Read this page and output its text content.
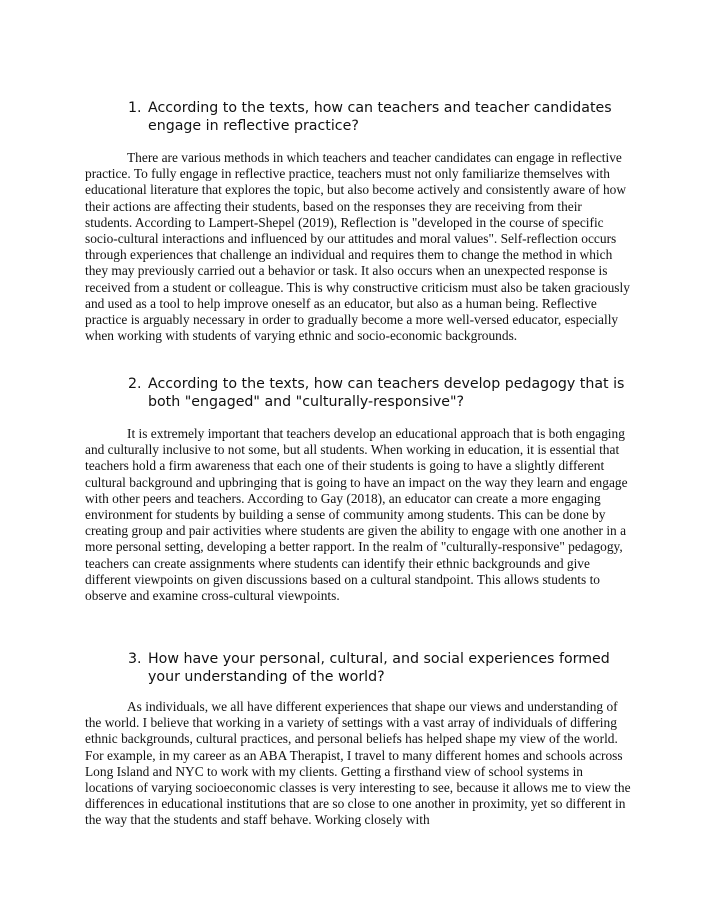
1. According to the texts, how can teachers and teacher candidates engage in reflective practice?

There are various methods in which teachers and teacher candidates can engage in reflective practice. To fully engage in reflective practice, teachers must not only familiarize themselves with educational literature that explores the topic, but also become actively and consistently aware of how their actions are affecting their students, based on the responses they are receiving from their students. According to Lampert-Shepel (2019), Reflection is "developed in the course of specific socio-cultural interactions and influenced by our attitudes and moral values". Self-reflection occurs through experiences that challenge an individual and requires them to change the method in which they may previously carried out a behavior or task. It also occurs when an unexpected response is received from a student or colleague. This is why constructive criticism must also be taken graciously and used as a tool to help improve oneself as an educator, but also as a human being. Reflective practice is arguably necessary in order to gradually become a more well-versed educator, especially when working with students of varying ethnic and socio-economic backgrounds.

2. According to the texts, how can teachers develop pedagogy that is both "engaged" and "culturally-responsive"?

It is extremely important that teachers develop an educational approach that is both engaging and culturally inclusive to not some, but all students. When working in education, it is essential that teachers hold a firm awareness that each one of their students is going to have a slightly different cultural background and upbringing that is going to have an impact on the way they learn and engage with other peers and teachers. According to Gay (2018), an educator can create a more engaging environment for students by building a sense of community among students. This can be done by creating group and pair activities where students are given the ability to engage with one another in a more personal setting, developing a better rapport. In the realm of "culturally-responsive" pedagogy, teachers can create assignments where students can identify their ethnic backgrounds and give different viewpoints on given discussions based on a cultural standpoint. This allows students to observe and examine cross-cultural viewpoints.

3. How have your personal, cultural, and social experiences formed your understanding of the world?

As individuals, we all have different experiences that shape our views and understanding of the world. I believe that working in a variety of settings with a vast array of individuals of differing ethnic backgrounds, cultural practices, and personal beliefs has helped shape my view of the world. For example, in my career as an ABA Therapist, I travel to many different homes and schools across Long Island and NYC to work with my clients. Getting a firsthand view of school systems in locations of varying socioeconomic classes is very interesting to see, because it allows me to view the differences in educational institutions that are so close to one another in proximity, yet so different in the way that the students and staff behave. Working closely with
